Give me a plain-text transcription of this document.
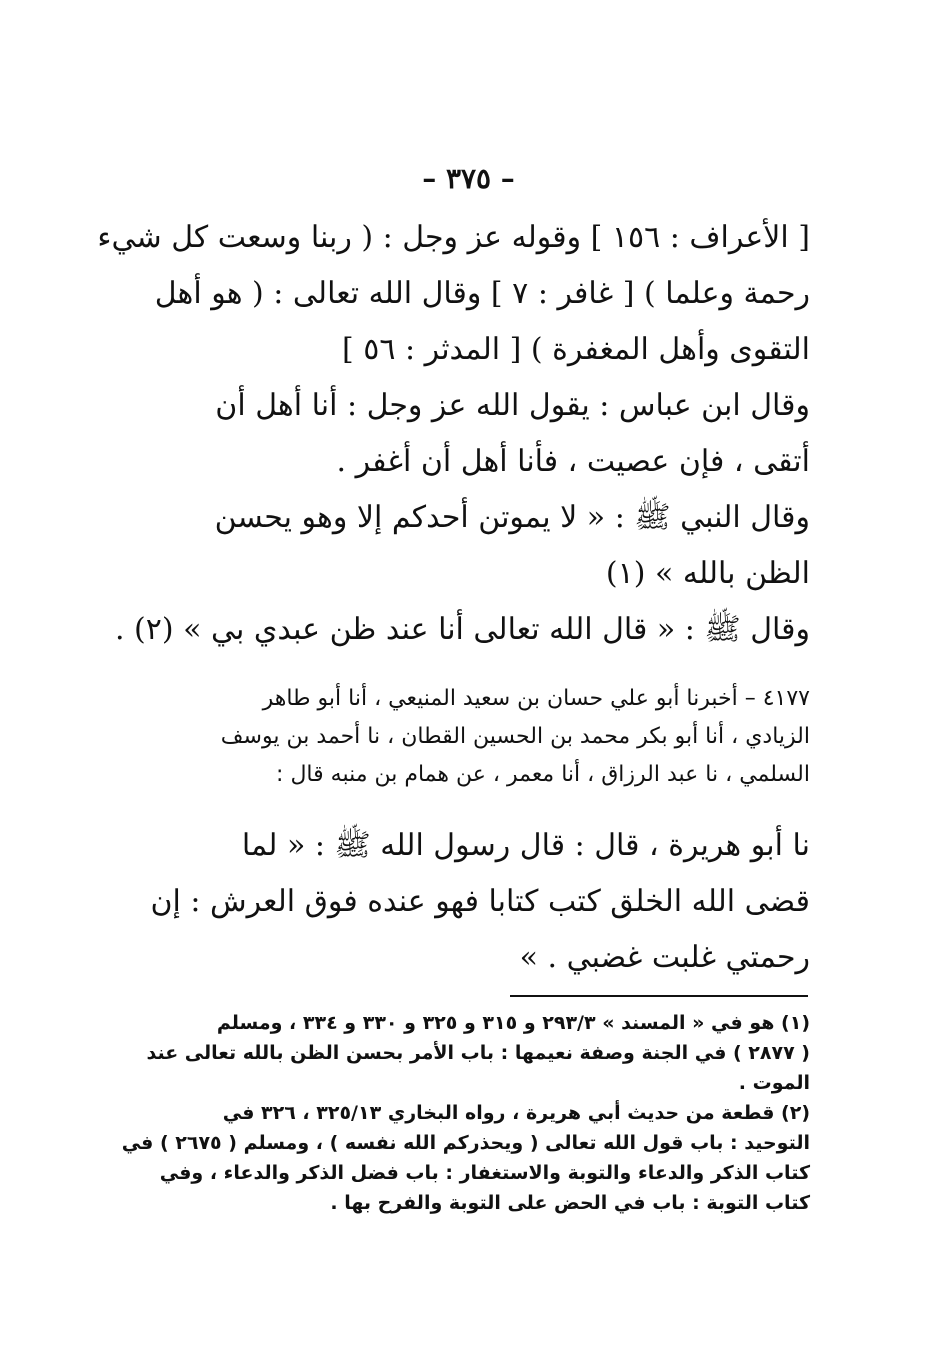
– ٣٧٥ –

[ الأعراف : ١٥٦ ] وقوله عز وجل : ( ربنا وسعت كل شيء

رحمة وعلما ) [ غافر : ٧ ] وقال الله تعالى : ( هو أهل

التقوى وأهل المغفرة ) [ المدثر : ٥٦ ]

وقال ابن عباس : يقول الله عز وجل : أنا أهل أن

أتقى ، فإن عصيت ، فأنا أهل أن أغفر .

وقال النبي ﷺ : « لا يموتن أحدكم إلا وهو يحسن

الظن بالله » (١)

وقال ﷺ : « قال الله تعالى أنا عند ظن عبدي بي » (٢) .

٤١٧٧ – أخبرنا أبو علي حسان بن سعيد المنيعي ، أنا أبو طاهر

الزيادي ، أنا أبو بكر محمد بن الحسين القطان ، نا أحمد بن يوسف

السلمي ، نا عبد الرزاق ، أنا معمر ، عن همام بن منبه قال :

نا أبو هريرة ، قال : قال رسول الله ﷺ : « لما

قضى الله الخلق كتب كتابا فهو عنده فوق العرش : إن

رحمتي غلبت غضبي . »

(١) هو في « المسند » ٢٩٣/٣ و ٣١٥ و ٣٢٥ و ٣٣٠ و ٣٣٤ ، ومسلم

( ٢٨٧٧ ) في الجنة وصفة نعيمها : باب الأمر بحسن الظن بالله تعالى عند

الموت .

(٢) قطعة من حديث أبي هريرة ، رواه البخاري ٣٢٥/١٣ ، ٣٢٦ في

التوحيد : باب قول الله تعالى ( ويحذركم الله نفسه ) ، ومسلم ( ٢٦٧٥ ) في

كتاب الذكر والدعاء والتوبة والاستغفار : باب فضل الذكر والدعاء ، وفي

كتاب التوبة : باب في الحض على التوبة والفرح بها .
